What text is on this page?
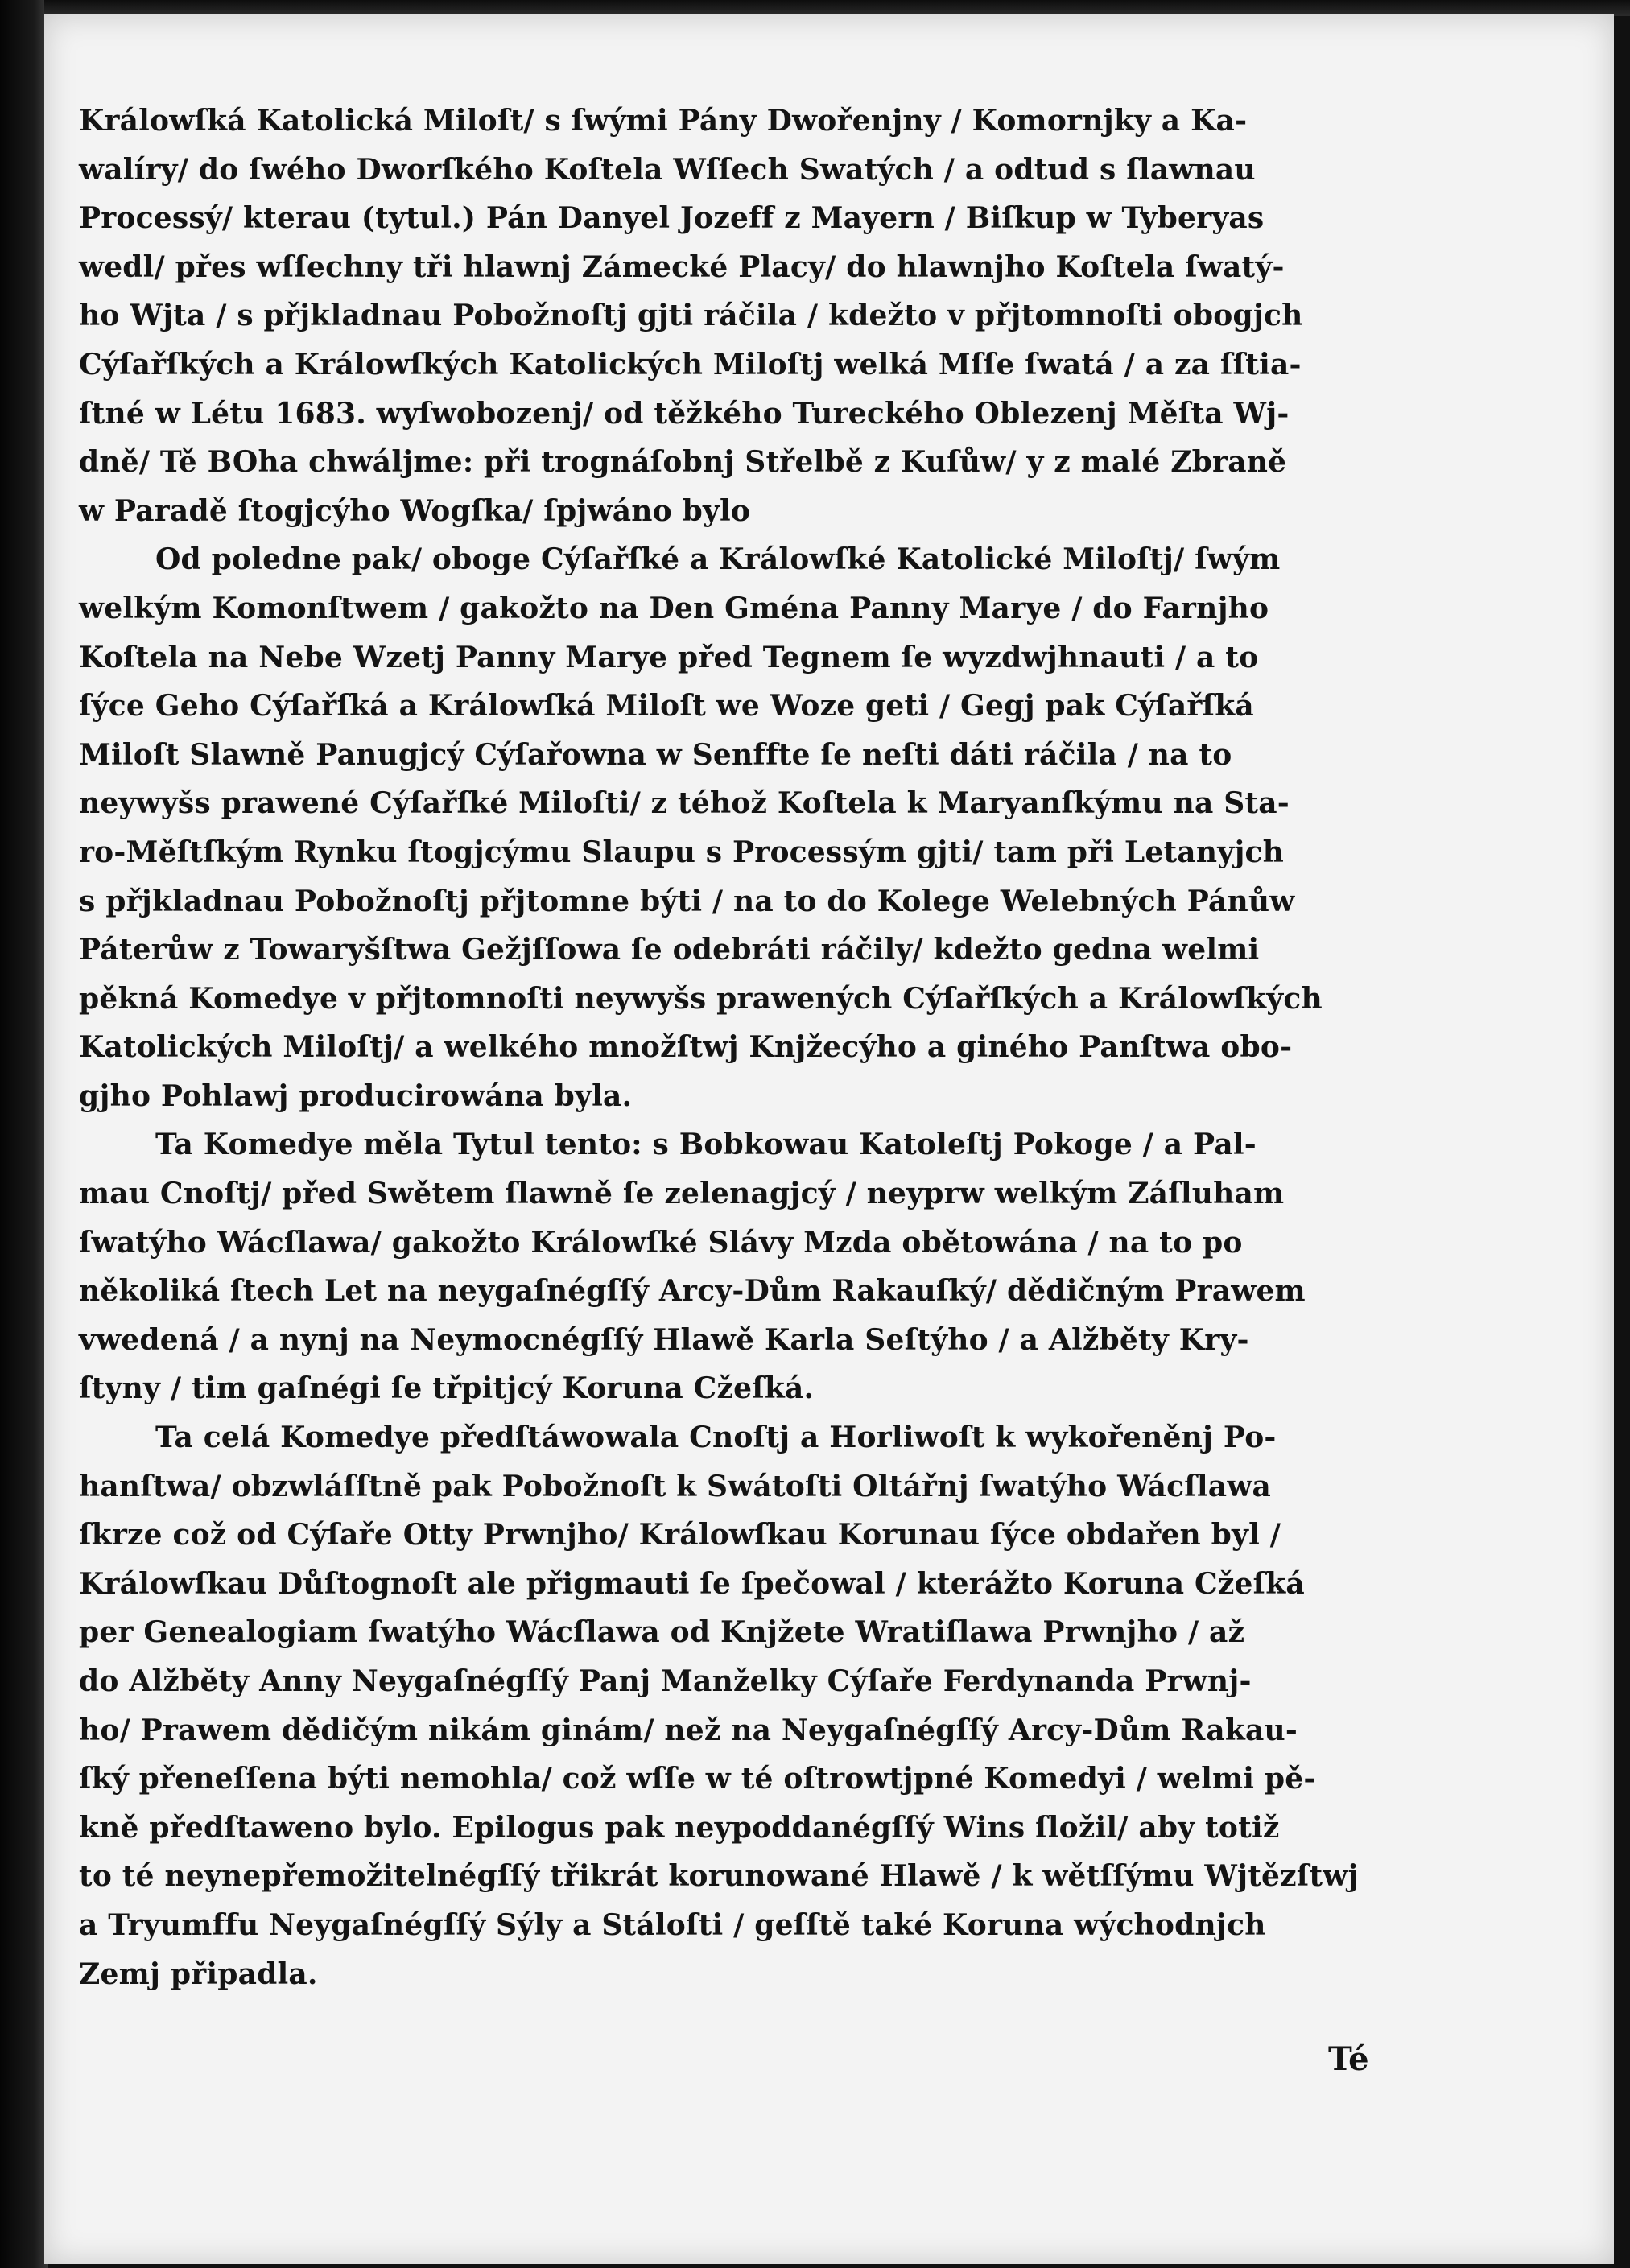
Králowſká Katolická Miloſt/ s ſwými Pány Dwořenjny / Komornjky a Ka-
walíry/ do ſwého Dworſkého Koſtela Wſſech Swatých / a odtud s ſlawnau
Processý/ kterau (tytul.) Pán Danyel Jozeff z Mayern / Biſkup w Tyberyas
wedl/ přes wſſechny tři hlawnj Zámecké Placy/ do hlawnjho Koſtela ſwatý-
ho Wjta / s přjkladnau Pobožnoſtj gjti ráčila / kdežto v přjtomnoſti obogjch
Cýſařſkých a Králowſkých Katolických Miloſtj welká Mſſe ſwatá / a za ſſtia-
ſtné w Létu 1683. wyſwobozenj/ od těžkého Tureckého Oblezenj Měſta Wj-
dně/ Tě BOha chwáljme: při trognáſobnj Střelbě z Kuſůw/ y z malé Zbraně
w Paradě ſtogjcýho Wogſka/ ſpjwáno bylo
Od poledne pak/ oboge Cýſařſké a Králowſké Katolické Miloſtj/ ſwým
welkým Komonſtwem / gakožto na Den Gména Panny Marye / do Farnjho
Koſtela na Nebe Wzetj Panny Marye před Tegnem ſe wyzdwjhnauti / a to
ſýce Geho Cýſařſká a Králowſká Miloſt we Woze geti / Gegj pak Cýſařſká
Miloſt Slawně Panugjcý Cýſařowna w Senffte ſe neſti dáti ráčila / na to
neywyšs prawené Cýſařſké Miloſti/ z téhož Koſtela k Maryanſkýmu na Sta-
ro-Měſtſkým Rynku ſtogjcýmu Slaupu s Processým gjti/ tam při Letanyjch
s přjkladnau Pobožnoſtj přjtomne býti / na to do Kolege Welebných Pánůw
Páterůw z Towaryšſtwa Gežjſſowa ſe odebráti ráčily/ kdežto gedna welmi
pěkná Komedye v přjtomnoſti neywyšs prawených Cýſařſkých a Králowſkých
Katolických Miloſtj/ a welkého množſtwj Knjžecýho a giného Panſtwa obo-
gjho Pohlawj producirowána byla.
Ta Komedye měla Tytul tento: s Bobkowau Katoleſtj Pokoge / a Pal-
mau Cnoſtj/ před Swětem ſlawně ſe zelenagjcý / neyprw welkým Záſluham
ſwatýho Wácſlawa/ gakožto Králowſké Slávy Mzda obětowána / na to po
několiká ſtech Let na neygaſnégſſý Arcy-Dům Rakauſký/ dědičným Prawem
vwedená / a nynj na Neymocnégſſý Hlawě Karla Seſtýho / a Alžběty Kry-
ſtyny / tim gaſnégi ſe třpitjcý Koruna Cžeſká.
Ta celá Komedye předſtáwowala Cnoſtj a Horliwoſt k wykořeněnj Po-
hanſtwa/ obzwláſſtně pak Pobožnoſt k Swátoſti Oltářnj ſwatýho Wácſlawa
ſkrze což od Cýſaře Otty Prwnjho/ Králowſkau Korunau ſýce obdařen byl /
Králowſkau Důſtognoſt ale přigmauti ſe ſpečowal / kterážto Koruna Cžeſká
per Genealogiam ſwatýho Wácſlawa od Knjžete Wratiſlawa Prwnjho / až
do Alžběty Anny Neygaſnégſſý Panj Manželky Cýſaře Ferdynanda Prwnj-
ho/ Prawem dědičým nikám ginám/ než na Neygaſnégſſý Arcy-Dům Rakau-
ſký přeneſſena býti nemohla/ což wſſe w té oſtrowtjpné Komedyi / welmi pě-
kně předſtaweno bylo. Epilogus pak neypoddanégſſý Wins ſložil/ aby totiž
to té neynepřemožitelnégſſý třikrát korunowané Hlawě / k wětſſýmu Wjtězſtwj
a Tryumffu Neygaſnégſſý Sýly a Stáloſti / geſſtě také Koruna wýchodnjch
Zemj připadla.
Té
